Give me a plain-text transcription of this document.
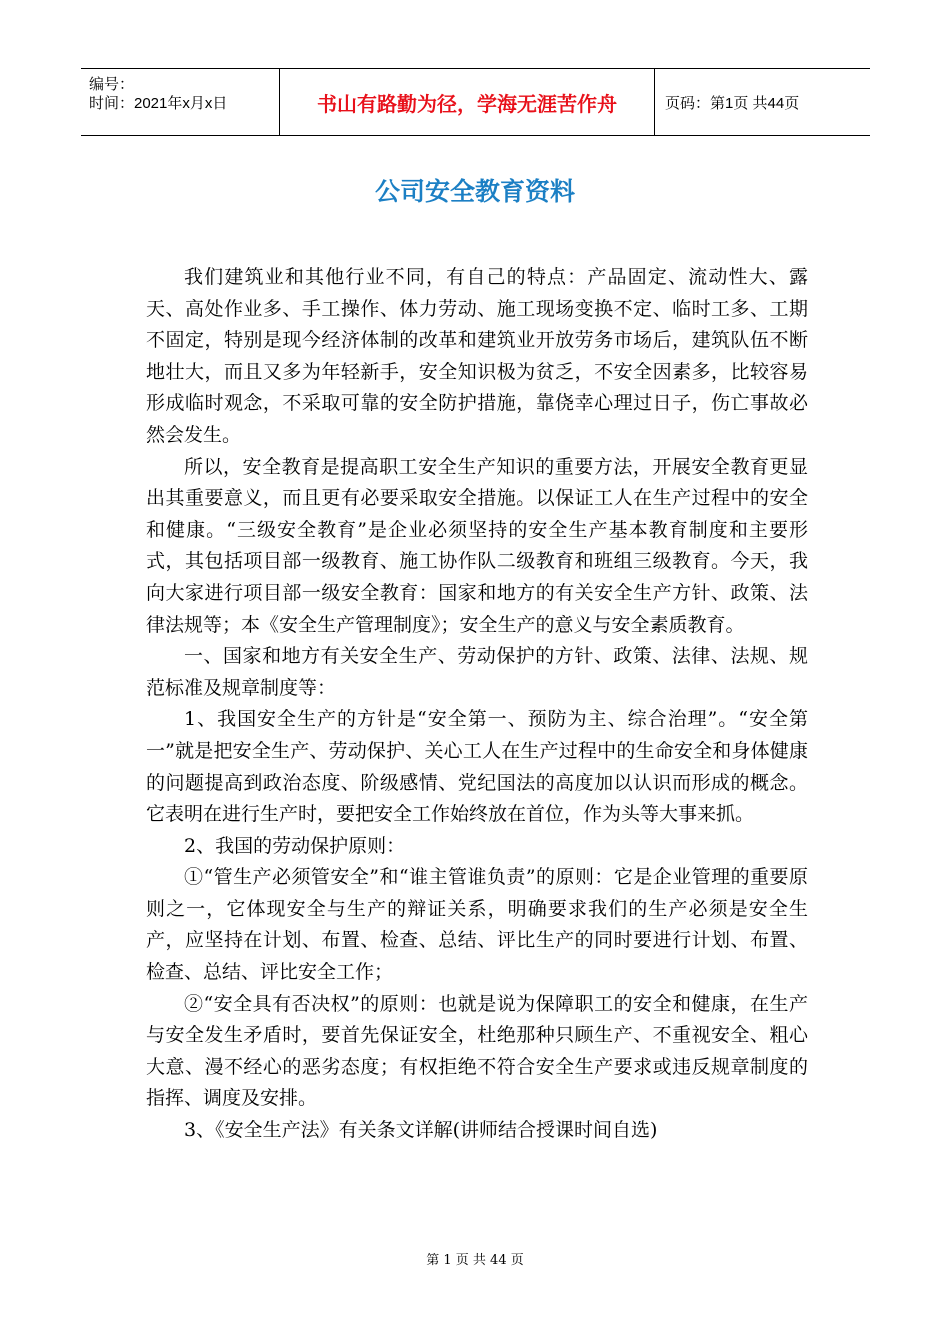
编号：
时间：2021年x月x日	书山有路勤为径，学海无涯苦作舟	页码：第1页 共44页
公司安全教育资料

我们建筑业和其他行业不同，有自己的特点：产品固定、流动性大、露天、高处作业多、手工操作、体力劳动、施工现场变换不定、临时工多、工期不固定，特别是现今经济体制的改革和建筑业开放劳务市场后，建筑队伍不断地壮大，而且又多为年轻新手，安全知识极为贫乏，不安全因素多，比较容易形成临时观念，不采取可靠的安全防护措施，靠侥幸心理过日子，伤亡事故必然会发生。

所以，安全教育是提高职工安全生产知识的重要方法，开展安全教育更显出其重要意义，而且更有必要采取安全措施。以保证工人在生产过程中的安全和健康。“三级安全教育”是企业必须坚持的安全生产基本教育制度和主要形式，其包括项目部一级教育、施工协作队二级教育和班组三级教育。今天，我向大家进行项目部一级安全教育：国家和地方的有关安全生产方针、政策、法律法规等；本《安全生产管理制度》；安全生产的意义与安全素质教育。

一、国家和地方有关安全生产、劳动保护的方针、政策、法律、法规、规范标准及规章制度等：

1、我国安全生产的方针是“安全第一、预防为主、综合治理”。“安全第一”就是把安全生产、劳动保护、关心工人在生产过程中的生命安全和身体健康的问题提高到政治态度、阶级感情、党纪国法的高度加以认识而形成的概念。它表明在进行生产时，要把安全工作始终放在首位，作为头等大事来抓。

2、我国的劳动保护原则：

①“管生产必须管安全”和“谁主管谁负责”的原则：它是企业管理的重要原则之一，它体现安全与生产的辩证关系，明确要求我们的生产必须是安全生产，应坚持在计划、布置、检查、总结、评比生产的同时要进行计划、布置、检查、总结、评比安全工作；

②“安全具有否决权”的原则：也就是说为保障职工的安全和健康，在生产与安全发生矛盾时，要首先保证安全，杜绝那种只顾生产、不重视安全、粗心大意、漫不经心的恶劣态度；有权拒绝不符合安全生产要求或违反规章制度的指挥、调度及安排。

3、《安全生产法》有关条文详解(讲师结合授课时间自选)

第 1 页 共 44 页
